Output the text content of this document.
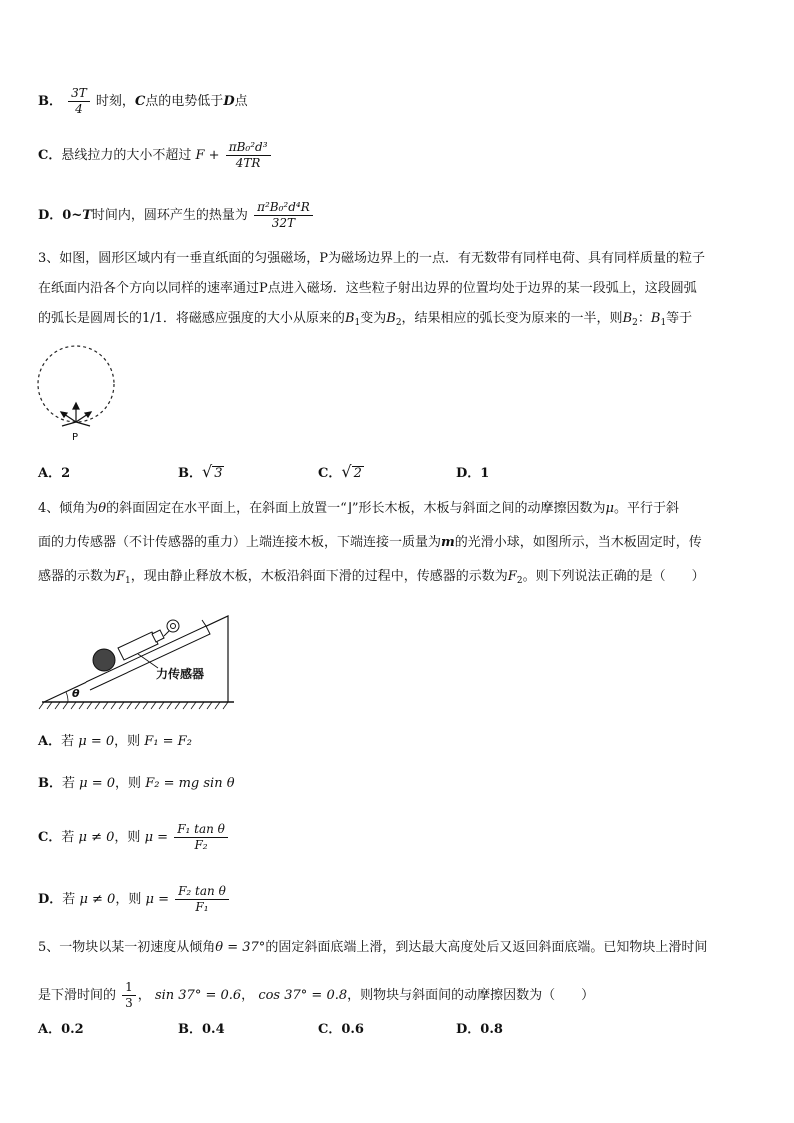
B． $\frac{3T}{4}$ 时刻，C点的电势低于D点
C．悬线拉力的大小不超过 $F + \frac{\text{πB₀²d³}}{4TR}$
D．0~T时间内，圆环产生的热量为 $\frac{\text{π²B₀²d⁴R}}{32T}$
3、如图，圆形区域内有一垂直纸面的匀强磁场，P为磁场边界上的一点．有无数带有同样电荷、具有同样质量的粒子
在纸面内沿各个方向以同样的速率通过P点进入磁场．这些粒子射出边界的位置均处于边界的某一段弧上，这段圆弧
的弧长是圆周长的1/1．将磁感应强度的大小从原来的$B_1$变为$B_2$，结果相应的弧长变为原来的一半，则$B_2$：$B_1$等于
P
A．2	B．√ 3	C．√ 2	D．1
4、倾角为θ的斜面固定在水平面上，在斜面上放置一“⌋”形长木板，木板与斜面之间的动摩擦因数为μ。平行于斜
面的力传感器（不计传感器的重力）上端连接木板，下端连接一质量为m的光滑小球，如图所示，当木板固定时，传
感器的示数为$F_1$，现由静止释放木板，木板沿斜面下滑的过程中，传感器的示数为$F_2$。则下列说法正确的是（　　）
力传感器
θ
A．若 μ = 0，则 F₁ = F₂
B．若 μ = 0，则 F₂ = mg sin θ
C．若 μ ≠ 0，则 $\mu = \frac{\text{F₁ tan θ}}{\text{F₂}}$
D．若 μ ≠ 0，则 $\mu = \frac{\text{F₂ tan θ}}{\text{F₁}}$
5、一物块以某一初速度从倾角θ = 37°的固定斜面底端上滑，到达最大高度处后又返回斜面底端。已知物块上滑时间
是下滑时间的 $\frac{1}{3}$ ， sin 37° = 0.6， cos 37° = 0.8，则物块与斜面间的动摩擦因数为（　　）
A．0.2	B．0.4	C．0.6	D．0.8
